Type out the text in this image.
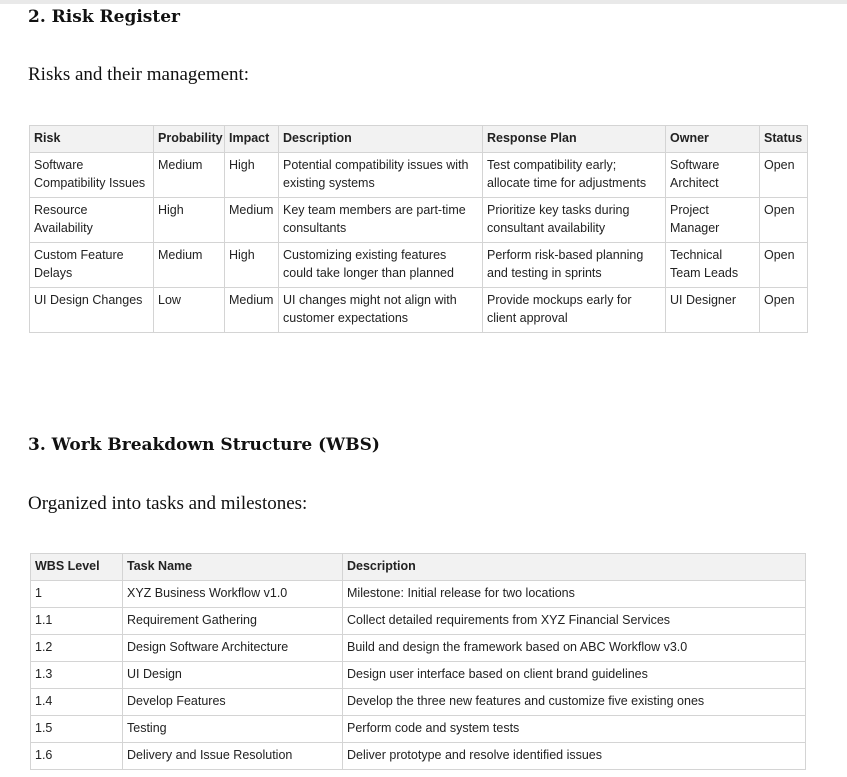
2. Risk Register

Risks and their management:

Risk	Probability	Impact	Description	Response Plan	Owner	Status
Software Compatibility Issues	Medium	High	Potential compatibility issues with existing systems	Test compatibility early; allocate time for adjustments	Software Architect	Open
Resource Availability	High	Medium	Key team members are part-time consultants	Prioritize key tasks during consultant availability	Project Manager	Open
Custom Feature Delays	Medium	High	Customizing existing features could take longer than planned	Perform risk-based planning and testing in sprints	Technical Team Leads	Open
UI Design Changes	Low	Medium	UI changes might not align with customer expectations	Provide mockups early for client approval	UI Designer	Open
3. Work Breakdown Structure (WBS)

Organized into tasks and milestones:

WBS Level	Task Name	Description
1	XYZ Business Workflow v1.0	Milestone: Initial release for two locations
1.1	Requirement Gathering	Collect detailed requirements from XYZ Financial Services
1.2	Design Software Architecture	Build and design the framework based on ABC Workflow v3.0
1.3	UI Design	Design user interface based on client brand guidelines
1.4	Develop Features	Develop the three new features and customize five existing ones
1.5	Testing	Perform code and system tests
1.6	Delivery and Issue Resolution	Deliver prototype and resolve identified issues
